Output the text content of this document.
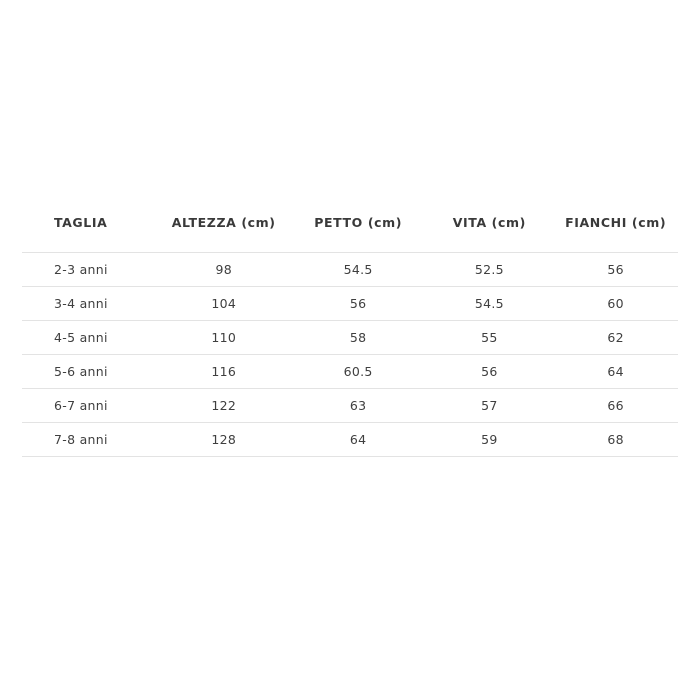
TAGLIA	ALTEZZA (cm)	PETTO (cm)	VITA (cm)	FIANCHI (cm)
2-3 anni	98	54.5	52.5	56
3-4 anni	104	56	54.5	60
4-5 anni	110	58	55	62
5-6 anni	116	60.5	56	64
6-7 anni	122	63	57	66
7-8 anni	128	64	59	68
